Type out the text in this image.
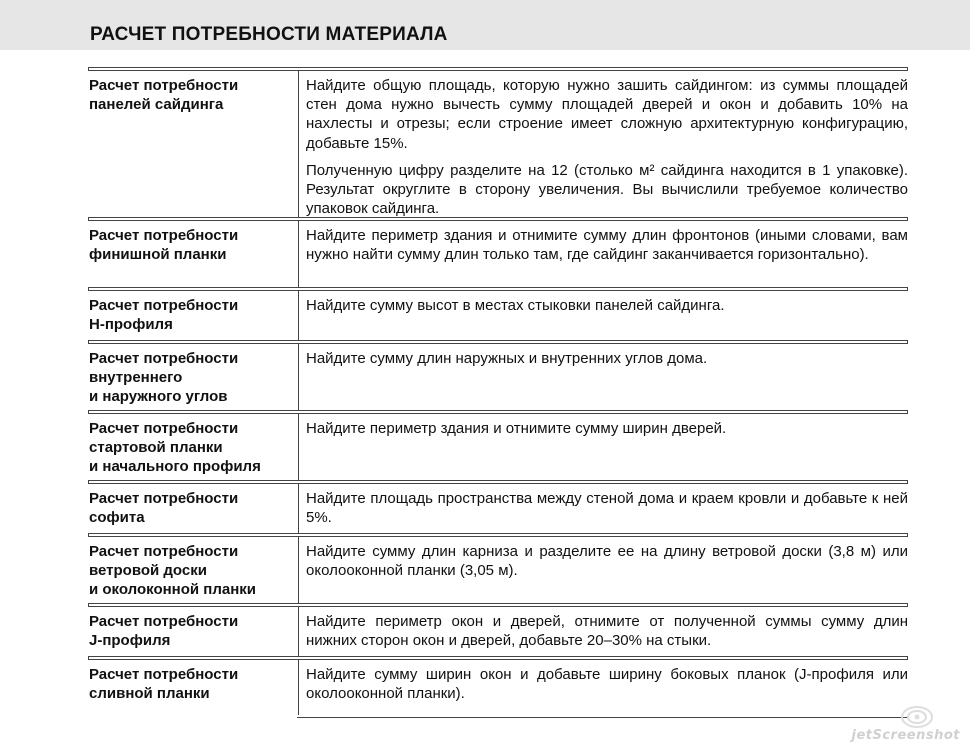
РАСЧЕТ ПОТРЕБНОСТИ МАТЕРИАЛА
Расчет потребности
панелей сайдинга

Найдите общую площадь, которую нужно зашить сайдингом: из суммы площадей стен дома нужно вычесть сумму площадей дверей и окон и добавить 10% на нахлесты и отрезы; если строение имеет сложную архитектурную конфигурацию, добавьте 15%.

Полученную цифру разделите на 12 (столько м² сайдинга находится в 1 упаковке). Результат округлите в сторону увеличения. Вы вычислили требуемое количество упаковок сайдинга.

Расчет потребности
финишной планки

Найдите периметр здания и отнимите сумму длин фронтонов (иными словами, вам нужно найти сумму длин только там, где сайдинг заканчивается горизонтально).

Расчет потребности
Н-профиля

Найдите сумму высот в местах стыковки панелей сайдинга.

Расчет потребности
внутреннего
и наружного углов

Найдите сумму длин наружных и внутренних углов дома.

Расчет потребности
стартовой планки
и начального профиля

Найдите периметр здания и отнимите сумму ширин дверей.

Расчет потребности
софита

Найдите площадь пространства между стеной дома и краем кровли и добавьте к ней 5%.

Расчет потребности
ветровой доски
и околоконной планки

Найдите сумму длин карниза и разделите ее на длину ветровой доски (3,8 м) или околооконной планки (3,05 м).

Расчет потребности
J-профиля

Найдите периметр окон и дверей, отнимите от полученной суммы сумму длин нижних сторон окон и дверей, добавьте 20–30% на стыки.

Расчет потребности
сливной планки

Найдите сумму ширин окон и добавьте ширину боковых планок (J-профиля или околооконной планки).

jetScreenshot
